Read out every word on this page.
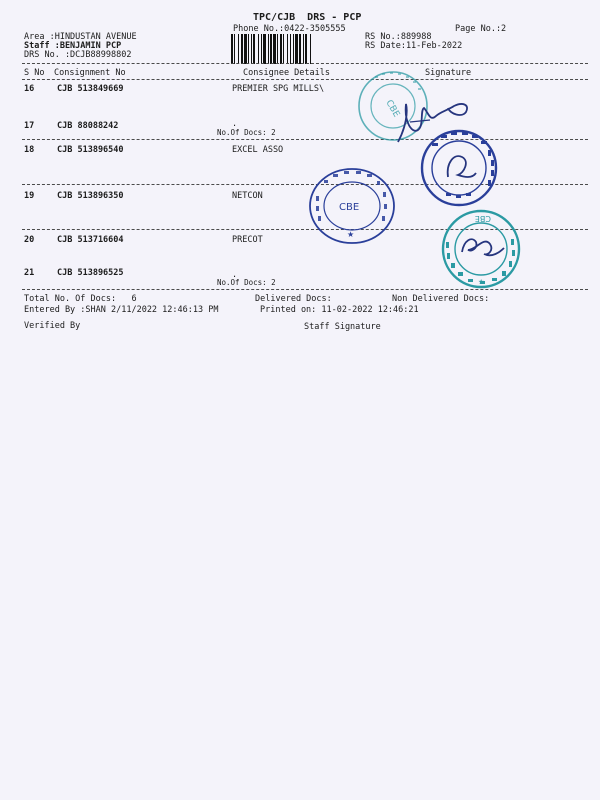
TPC/CJB  DRS - PCP
Phone No.:0422-3505555	Page No.:2
Area :HINDUSTAN AVENUE
Staff :BENJAMIN PCP
DRS No. :DCJB88998802
RS No.:889988
RS Date:11-Feb-2022
S No Consignment No	Consignee Details	Signature
16	CJB 513849669	PREMIER SPG MILLS\
17	CJB 88088242	.
No.Of Docs: 2
18	CJB 513896540	EXCEL ASSO
19	CJB 513896350	NETCON
20	CJB 513716604	PRECOT
21	CJB 513896525	.
No.Of Docs: 2
Total No. Of Docs:   6	Delivered Docs:	Non Delivered Docs:
Entered By :SHAN 2/11/2022 12:46:13 PM	Printed on: 11-02-2022 12:46:21
Verified By	Staff Signature
CBE
CBE
★
CBE
★
